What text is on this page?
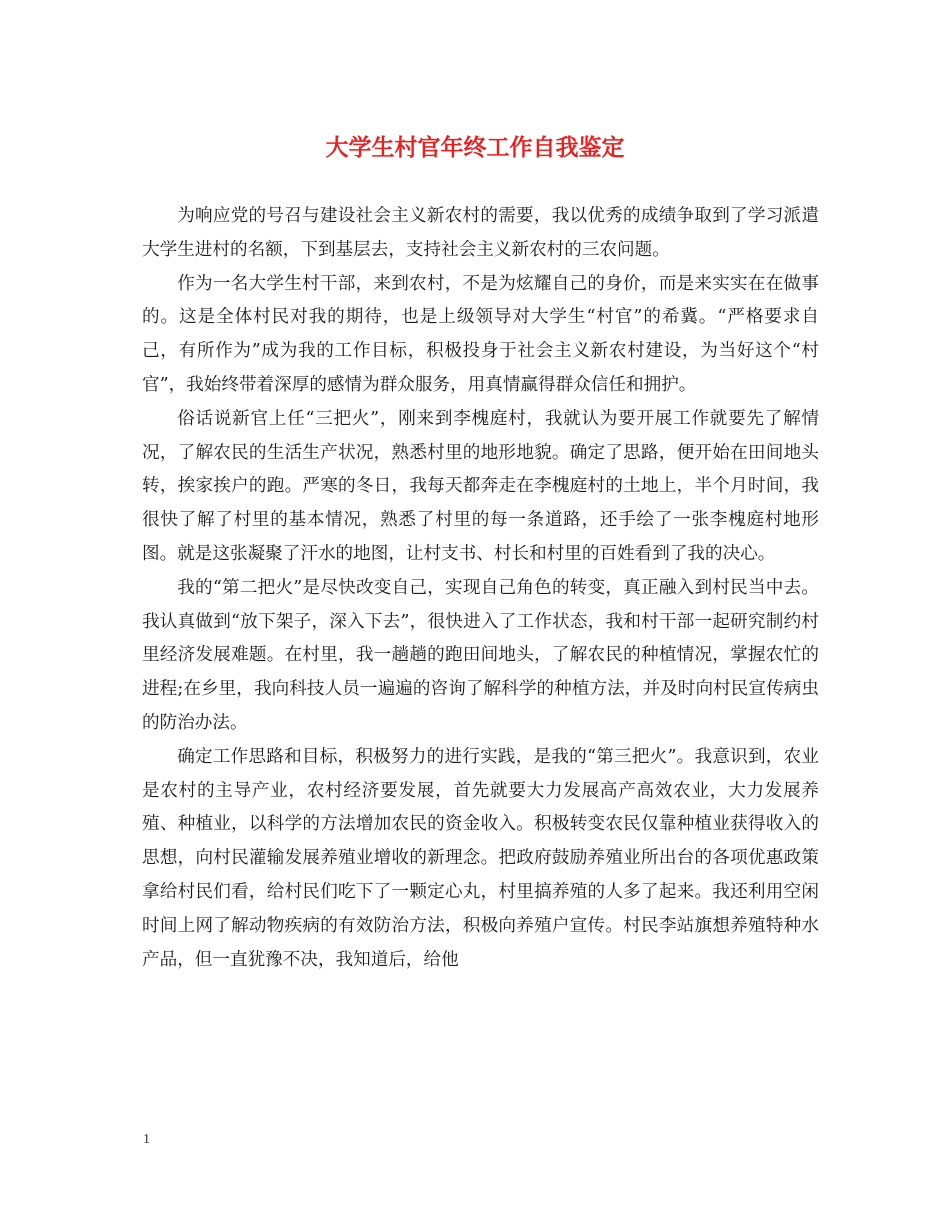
大学生村官年终工作自我鉴定

为响应党的号召与建设社会主义新农村的需要，我以优秀的成绩争取到了学习派遣大学生进村的名额，下到基层去，支持社会主义新农村的三农问题。

作为一名大学生村干部，来到农村，不是为炫耀自己的身价，而是来实实在在做事的。这是全体村民对我的期待，也是上级领导对大学生“村官”的希冀。“严格要求自己，有所作为”成为我的工作目标，积极投身于社会主义新农村建设，为当好这个“村官”，我始终带着深厚的感情为群众服务，用真情赢得群众信任和拥护。

俗话说新官上任“三把火”，刚来到李槐庭村，我就认为要开展工作就要先了解情况，了解农民的生活生产状况，熟悉村里的地形地貌。确定了思路，便开始在田间地头转，挨家挨户的跑。严寒的冬日，我每天都奔走在李槐庭村的土地上，半个月时间，我很快了解了村里的基本情况，熟悉了村里的每一条道路，还手绘了一张李槐庭村地形图。就是这张凝聚了汗水的地图，让村支书、村长和村里的百姓看到了我的决心。

我的“第二把火”是尽快改变自己，实现自己角色的转变，真正融入到村民当中去。我认真做到“放下架子，深入下去”，很快进入了工作状态，我和村干部一起研究制约村里经济发展难题。在村里，我一趟趟的跑田间地头，了解农民的种植情况，掌握农忙的进程;在乡里，我向科技人员一遍遍的咨询了解科学的种植方法，并及时向村民宣传病虫的防治办法。

确定工作思路和目标，积极努力的进行实践，是我的“第三把火”。我意识到，农业是农村的主导产业，农村经济要发展，首先就要大力发展高产高效农业，大力发展养殖、种植业，以科学的方法增加农民的资金收入。积极转变农民仅靠种植业获得收入的思想，向村民灌输发展养殖业增收的新理念。把政府鼓励养殖业所出台的各项优惠政策拿给村民们看，给村民们吃下了一颗定心丸，村里搞养殖的人多了起来。我还利用空闲时间上网了解动物疾病的有效防治方法，积极向养殖户宣传。村民李站旗想养殖特种水产品，但一直犹豫不决，我知道后，给他

1
